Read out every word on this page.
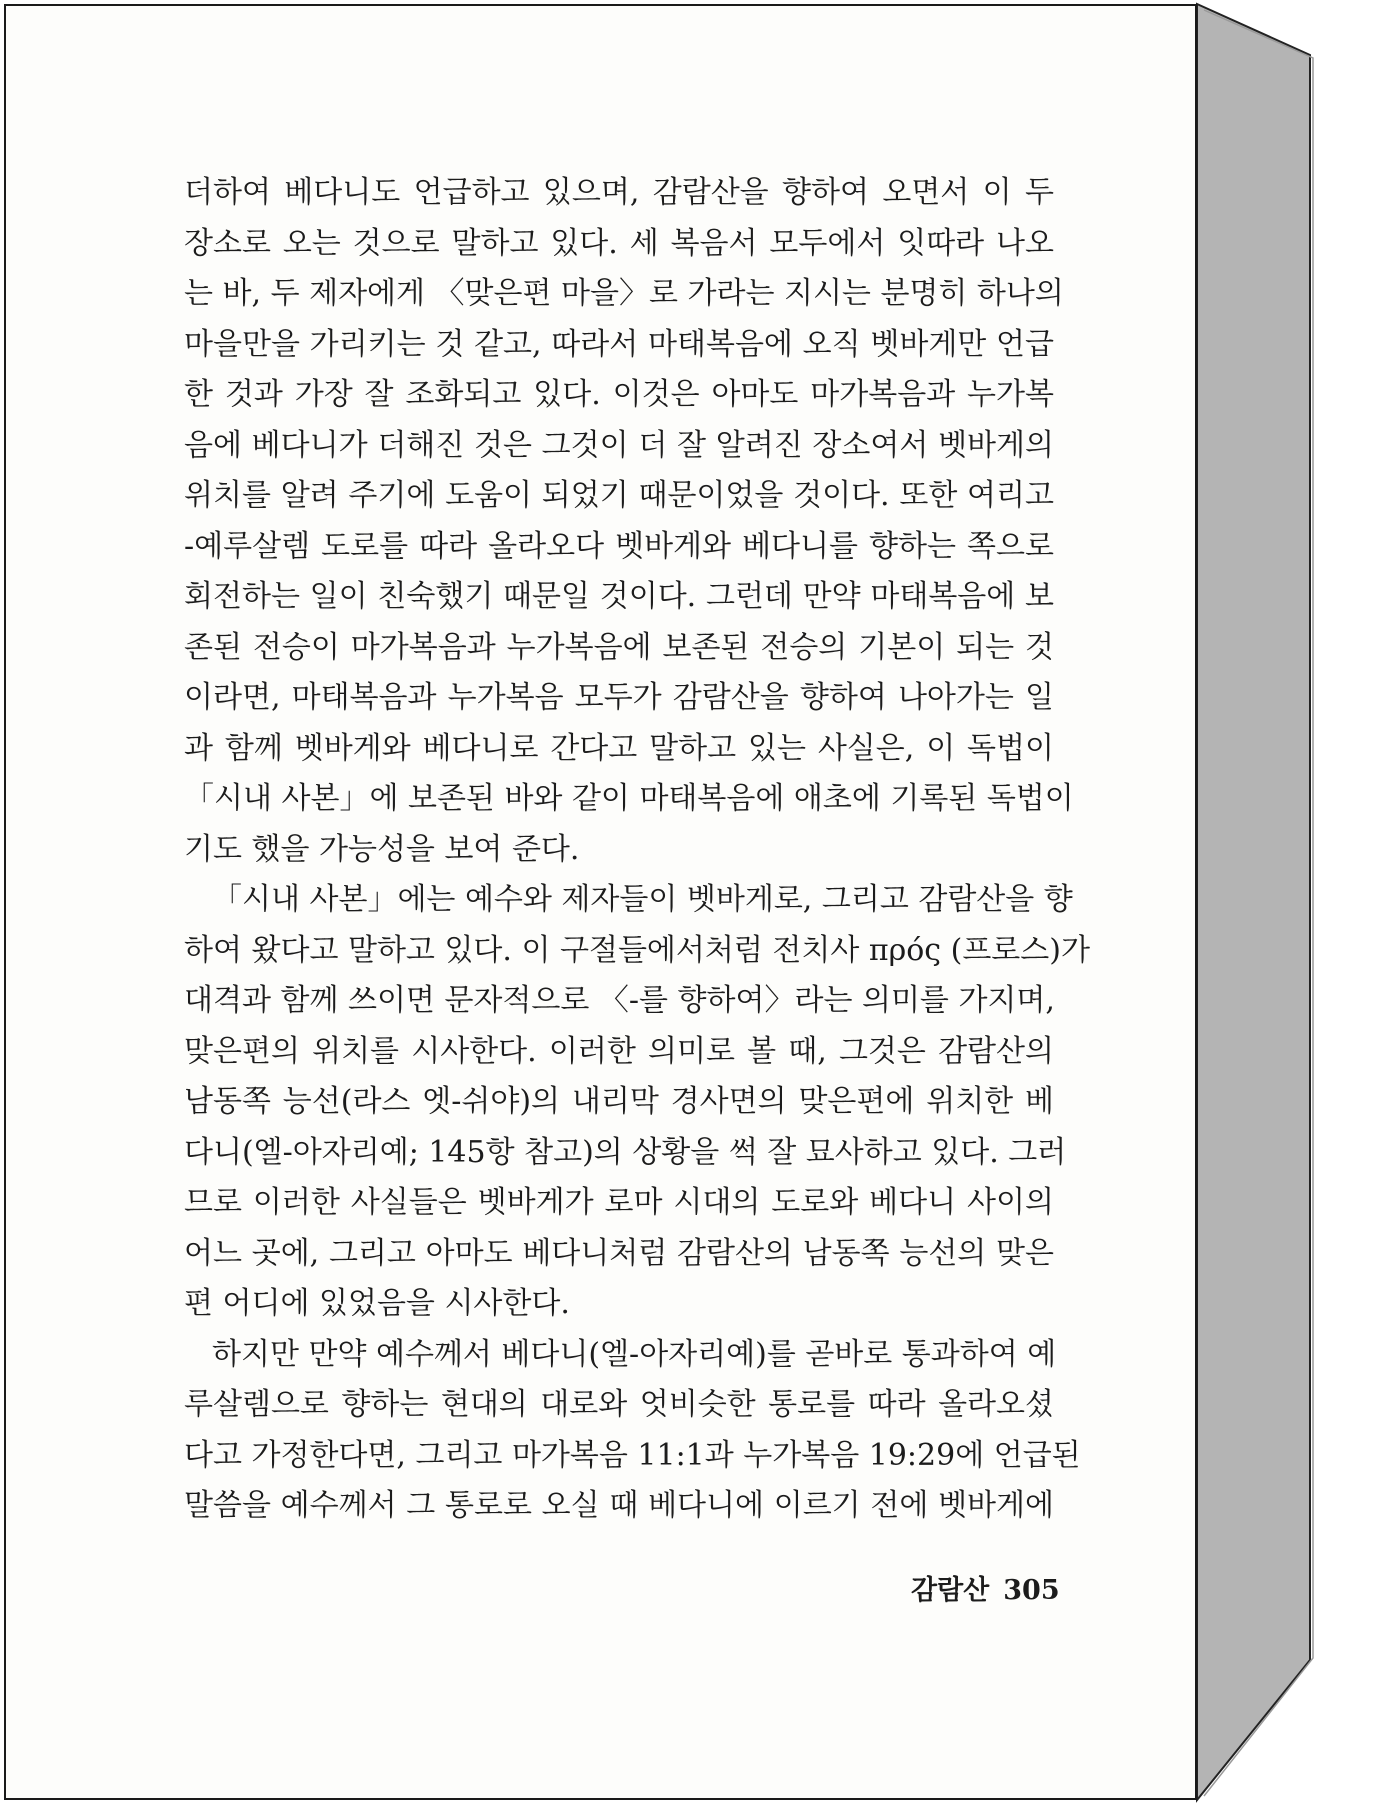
더하여 베다니도 언급하고 있으며, 감람산을 향하여 오면서 이 두
장소로 오는 것으로 말하고 있다. 세 복음서 모두에서 잇따라 나오
는 바, 두 제자에게 〈맞은편 마을〉로 가라는 지시는 분명히 하나의
마을만을 가리키는 것 같고, 따라서 마태복음에 오직 벳바게만 언급
한 것과 가장 잘 조화되고 있다. 이것은 아마도 마가복음과 누가복
음에 베다니가 더해진 것은 그것이 더 잘 알려진 장소여서 벳바게의
위치를 알려 주기에 도움이 되었기 때문이었을 것이다. 또한 여리고
-예루살렘 도로를 따라 올라오다 벳바게와 베다니를 향하는 쪽으로
회전하는 일이 친숙했기 때문일 것이다. 그런데 만약 마태복음에 보
존된 전승이 마가복음과 누가복음에 보존된 전승의 기본이 되는 것
이라면, 마태복음과 누가복음 모두가 감람산을 향하여 나아가는 일
과 함께 벳바게와 베다니로 간다고 말하고 있는 사실은, 이 독법이
「시내 사본」에 보존된 바와 같이 마태복음에 애초에 기록된 독법이
기도 했을 가능성을 보여 준다.
「시내 사본」에는 예수와 제자들이 벳바게로, 그리고 감람산을 향
하여 왔다고 말하고 있다. 이 구절들에서처럼 전치사 πρός (프로스)가
대격과 함께 쓰이면 문자적으로 〈-를 향하여〉라는 의미를 가지며,
맞은편의 위치를 시사한다. 이러한 의미로 볼 때, 그것은 감람산의
남동쪽 능선(라스 엣-쉬야)의 내리막 경사면의 맞은편에 위치한 베
다니(엘-아자리예; 145항 참고)의 상황을 썩 잘 묘사하고 있다. 그러
므로 이러한 사실들은 벳바게가 로마 시대의 도로와 베다니 사이의
어느 곳에, 그리고 아마도 베다니처럼 감람산의 남동쪽 능선의 맞은
편 어디에 있었음을 시사한다.
하지만 만약 예수께서 베다니(엘-아자리예)를 곧바로 통과하여 예
루살렘으로 향하는 현대의 대로와 엇비슷한 통로를 따라 올라오셨
다고 가정한다면, 그리고 마가복음 11:1과 누가복음 19:29에 언급된
말씀을 예수께서 그 통로로 오실 때 베다니에 이르기 전에 벳바게에
감람산 305
